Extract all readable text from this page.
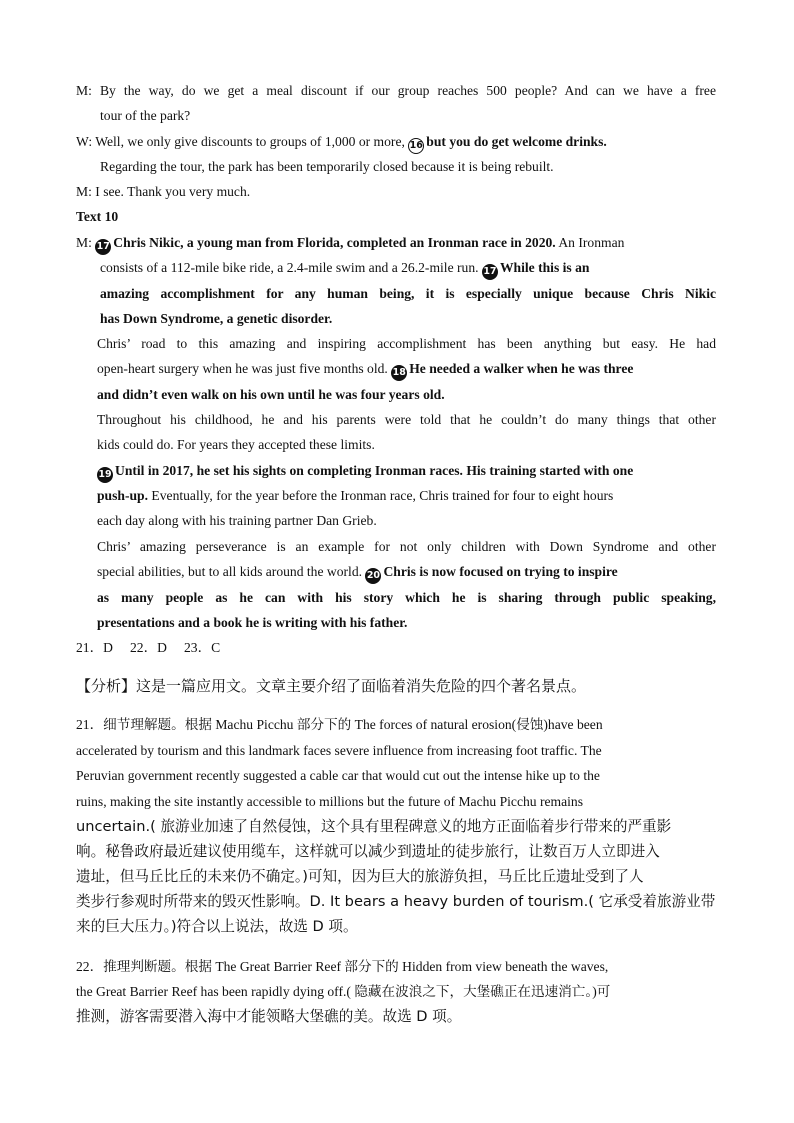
M: By the way, do we get a meal discount if our group reaches 500 people? And can we have a free
tour of the park?
W: Well, we only give discounts to groups of 1,000 or more, 16 but you do get welcome drinks.
Regarding the tour, the park has been temporarily closed because it is being rebuilt.
M: I see. Thank you very much.
Text 10
M: 17 Chris Nikic, a young man from Florida, completed an Ironman race in 2020. An Ironman
consists of a 112-mile bike ride, a 2.4-mile swim and a 26.2-mile run. 17 While this is an
amazing accomplishment for any human being, it is especially unique because Chris Nikic
has Down Syndrome, a genetic disorder.
Chris’ road to this amazing and inspiring accomplishment has been anything but easy. He had
open-heart surgery when he was just five months old. 18 He needed a walker when he was three
and didn’t even walk on his own until he was four years old.
Throughout his childhood, he and his parents were told that he couldn’t do many things that other
kids could do. For years they accepted these limits.
19 Until in 2017, he set his sights on completing Ironman races. His training started with one
push-up. Eventually, for the year before the Ironman race, Chris trained for four to eight hours
each day along with his training partner Dan Grieb.
Chris’ amazing perseverance is an example for not only children with Down Syndrome and other
special abilities, but to all kids around the world. 20 Chris is now focused on trying to inspire
as many people as he can with his story which he is sharing through public speaking,
presentations and a book he is writing with his father.
21．D     22．D     23．C
【分析】这是一篇应用文。文章主要介绍了面临着消失危险的四个著名景点。
21．细节理解题。根据 Machu Picchu 部分下的 The forces of natural erosion(侵蚀)have been
accelerated by tourism and this landmark faces severe influence from increasing foot traffic. The
Peruvian government recently suggested a cable car that would cut out the intense hike up to the
ruins, making the site instantly accessible to millions but the future of Machu Picchu remains
uncertain.( 旅游业加速了自然侵蚀，这个具有里程碑意义的地方正面临着步行带来的严重影
响。秘鲁政府最近建议使用缆车，这样就可以减少到遗址的徒步旅行，让数百万人立即进入
遗址，但马丘比丘的未来仍不确定。)可知，因为巨大的旅游负担，马丘比丘遗址受到了人
类步行参观时所带来的毁灭性影响。D. It bears a heavy burden of tourism.( 它承受着旅游业带
来的巨大压力。)符合以上说法，故选 D 项。
22．推理判断题。根据 The Great Barrier Reef 部分下的 Hidden from view beneath the waves,
the Great Barrier Reef has been rapidly dying off.( 隐藏在波浪之下，大堡礁正在迅速消亡。)可
推测，游客需要潜入海中才能领略大堡礁的美。故选 D 项。
